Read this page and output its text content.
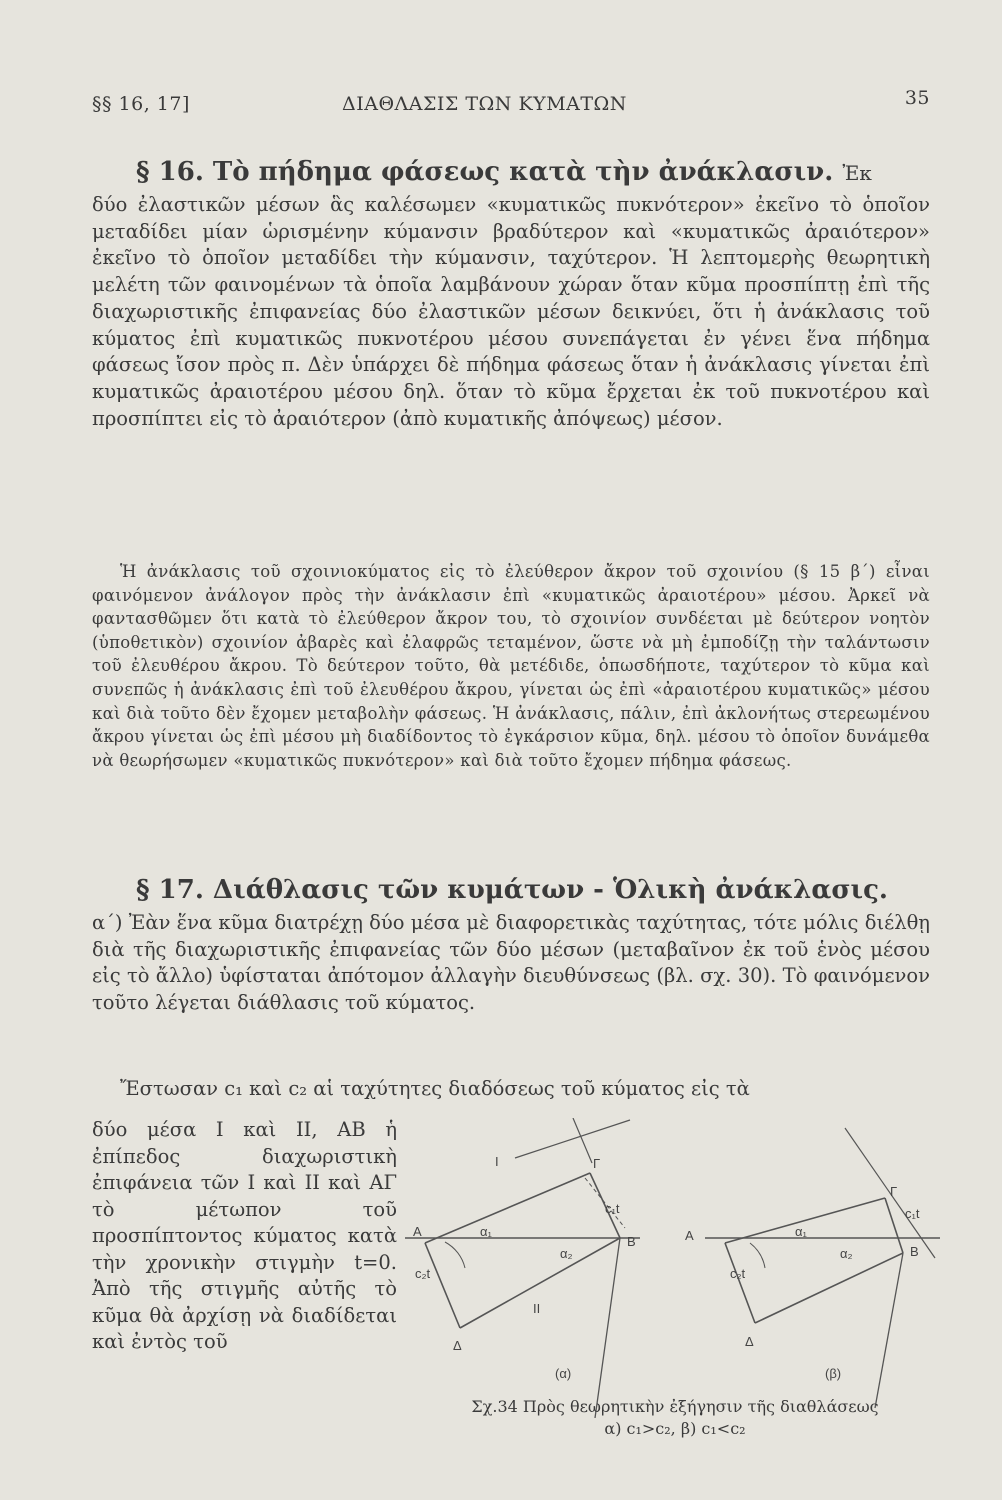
§§ 16, 17]	ΔΙΑΘΛΑΣΙΣ ΤΩΝ ΚΥΜΑΤΩΝ	35
§ 16. Τὸ πήδημα φάσεως κατὰ τὴν ἀνάκλασιν. Ἐκ

δύο ἐλαστικῶν μέσων ἃς καλέσωμεν «κυματικῶς πυκνότερον» ἐκεῖνο τὸ ὁποῖον μεταδίδει μίαν ὡρισμένην κύμανσιν βραδύτερον καὶ «κυματικῶς ἀραιότερον» ἐκεῖνο τὸ ὁποῖον μεταδίδει τὴν κύμανσιν, ταχύτερον. Ἡ λεπτομερὴς θεωρητικὴ μελέτη τῶν φαινομένων τὰ ὁποῖα λαμβάνουν χώραν ὅταν κῦμα προσπίπτῃ ἐπὶ τῆς διαχωριστικῆς ἐπιφανείας δύο ἐλαστικῶν μέσων δεικνύει, ὅτι ἡ ἀνάκλασις τοῦ κύματος ἐπὶ κυματικῶς πυκνοτέρου μέσου συνεπάγεται ἐν γένει ἕνα πήδημα φάσεως ἴσον πρὸς π. Δὲν ὑπάρχει δὲ πήδημα φάσεως ὅταν ἡ ἀνάκλασις γίνεται ἐπὶ κυματικῶς ἀραιοτέρου μέσου δηλ. ὅταν τὸ κῦμα ἔρχεται ἐκ τοῦ πυκνοτέρου καὶ προσπίπτει εἰς τὸ ἀραιότερον (ἀπὸ κυματικῆς ἀπόψεως) μέσον.

Ἡ ἀνάκλασις τοῦ σχοινιοκύματος εἰς τὸ ἐλεύθερον ἄκρον τοῦ σχοινίου (§ 15 β΄) εἶναι φαινόμενον ἀνάλογον πρὸς τὴν ἀνάκλασιν ἐπὶ «κυματικῶς ἀραιοτέρου» μέσου. Ἀρκεῖ νὰ φαντασθῶμεν ὅτι κατὰ τὸ ἐλεύθερον ἄκρον του, τὸ σχοινίον συνδέεται μὲ δεύτερον νοητὸν (ὑποθετικὸν) σχοινίον ἀβαρὲς καὶ ἐλαφρῶς τεταμένον, ὥστε νὰ μὴ ἐμποδίζῃ τὴν ταλάντωσιν τοῦ ἐλευθέρου ἄκρου. Τὸ δεύτερον τοῦτο, θὰ μετέδιδε, ὁπωσδήποτε, ταχύτερον τὸ κῦμα καὶ συνεπῶς ἡ ἀνάκλασις ἐπὶ τοῦ ἐλευθέρου ἄκρου, γίνεται ὡς ἐπὶ «ἀραιοτέρου κυματικῶς» μέσου καὶ διὰ τοῦτο δὲν ἔχομεν μεταβολὴν φάσεως. Ἡ ἀνάκλασις, πάλιν, ἐπὶ ἀκλονήτως στερεωμένου ἄκρου γίνεται ὡς ἐπὶ μέσου μὴ διαδίδοντος τὸ ἐγκάρσιον κῦμα, δηλ. μέσου τὸ ὁποῖον δυνάμεθα νὰ θεωρήσωμεν «κυματικῶς πυκνότερον» καὶ διὰ τοῦτο ἔχομεν πήδημα φάσεως.

§ 17. Διάθλασις τῶν κυμάτων - Ὁλικὴ ἀνάκλασις.

α΄) Ἐὰν ἕνα κῦμα διατρέχῃ δύο μέσα μὲ διαφορετικὰς ταχύτητας, τότε μόλις διέλθῃ διὰ τῆς διαχωριστικῆς ἐπιφανείας τῶν δύο μέσων (μεταβαῖνον ἐκ τοῦ ἑνὸς μέσου εἰς τὸ ἄλλο) ὑφίσταται ἀπότομον ἀλλαγὴν διευθύνσεως (βλ. σχ. 30). Τὸ φαινόμενον τοῦτο λέγεται διάθλασις τοῦ κύματος.

Ἔστωσαν c₁ καὶ c₂ αἱ ταχύτητες διαδόσεως τοῦ κύματος εἰς τὰ

δύο μέσα I καὶ II, AB ἡ ἐπίπεδος διαχωριστικὴ ἐπιφάνεια τῶν I καὶ II καὶ ΑΓ τὸ μέτωπον τοῦ προσπίπτοντος κύματος κατὰ τὴν χρονικὴν στιγμὴν t=0. Ἀπὸ τῆς στιγμῆς αὐτῆς τὸ κῦμα θὰ ἀρχίσῃ νὰ διαδίδεται καὶ ἐντὸς τοῦ

A
B
Γ
Δ
I
II
α₁
α₂
c₁t
c₂t
(α)
A
B
Γ
Δ
α₁
α₂
c₁t
c₂t
(β)
Σχ.34 Πρὸς θεωρητικὴν ἐξήγησιν τῆς διαθλάσεως
α) c₁>c₂, β) c₁<c₂
